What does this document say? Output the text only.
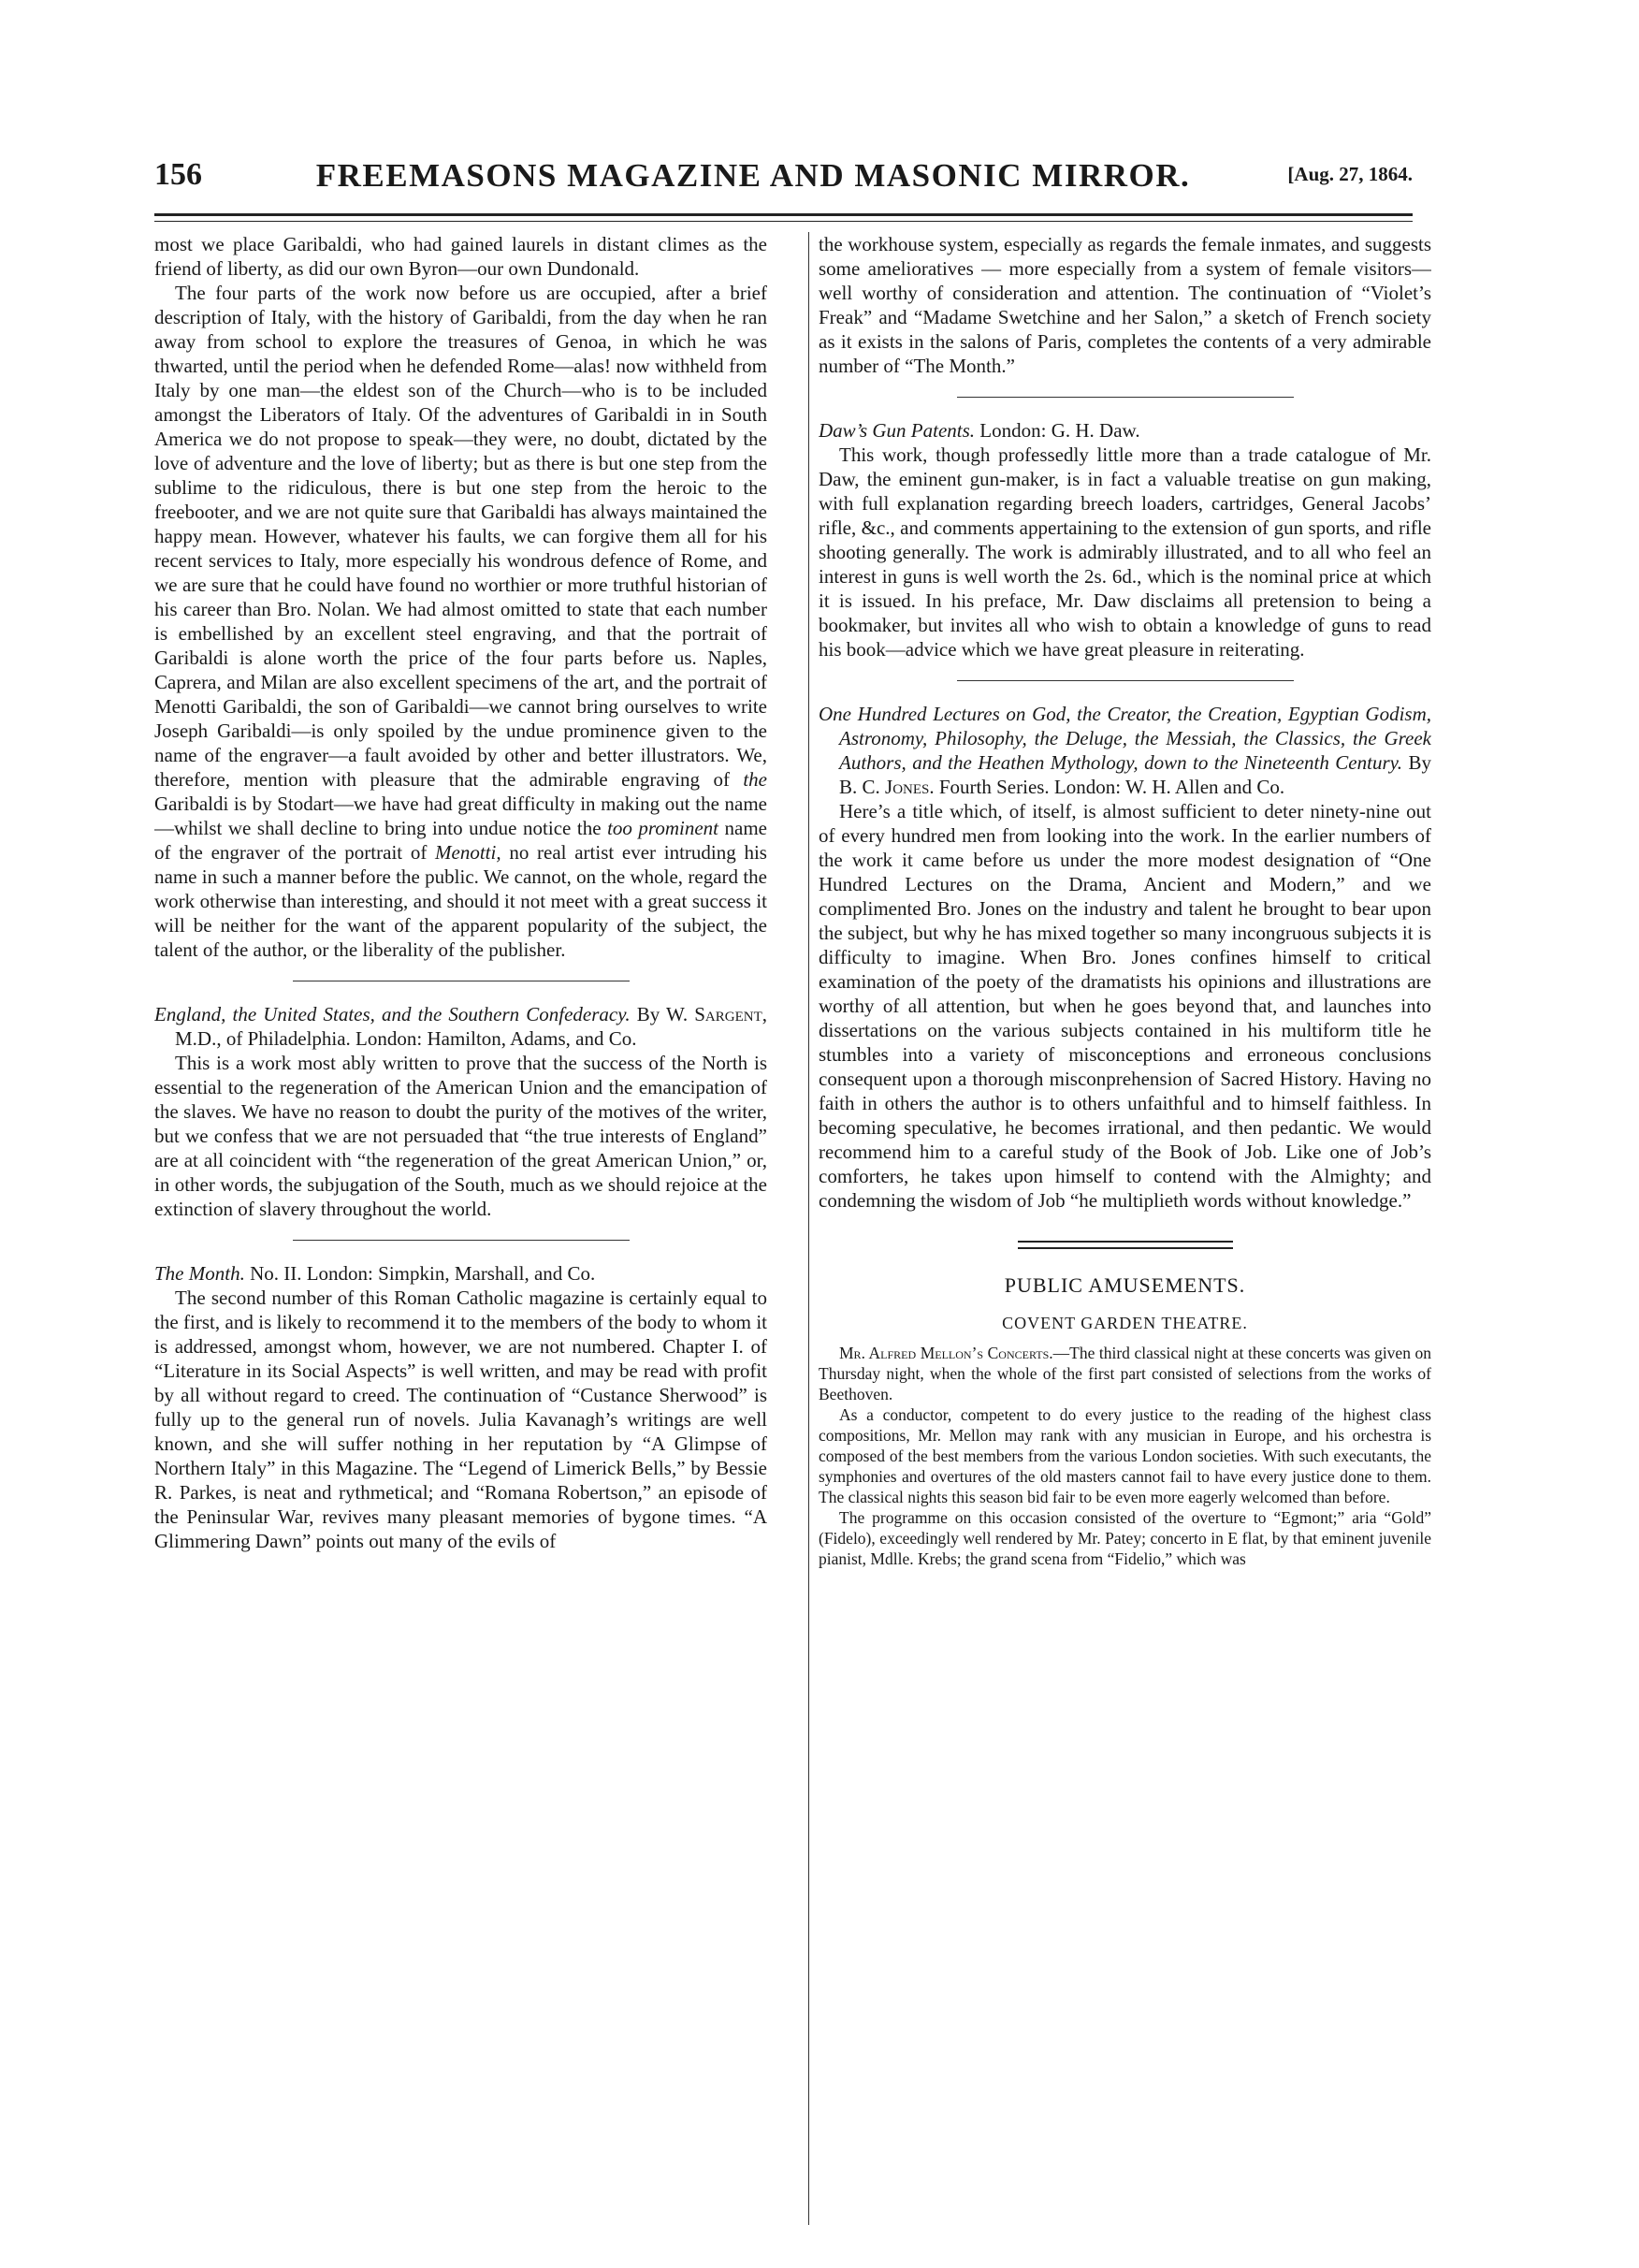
156	FREEMASONS MAGAZINE AND MASONIC MIRROR.	[Aug. 27, 1864.

most we place Garibaldi, who had gained laurels in distant climes as the friend of liberty, as did our own Byron—our own Dundonald.

The four parts of the work now before us are occupied, after a brief description of Italy, with the history of Garibaldi, from the day when he ran away from school to explore the treasures of Genoa, in which he was thwarted, until the period when he defended Rome—alas! now withheld from Italy by one man—the eldest son of the Church—who is to be included amongst the Liberators of Italy. Of the adventures of Garibaldi in in South America we do not propose to speak—they were, no doubt, dictated by the love of adventure and the love of liberty; but as there is but one step from the sublime to the ridiculous, there is but one step from the heroic to the freebooter, and we are not quite sure that Garibaldi has always maintained the happy mean. However, whatever his faults, we can forgive them all for his recent services to Italy, more especially his wondrous defence of Rome, and we are sure that he could have found no worthier or more truthful historian of his career than Bro. Nolan. We had almost omitted to state that each number is embellished by an excellent steel engraving, and that the portrait of Garibaldi is alone worth the price of the four parts before us. Naples, Caprera, and Milan are also excellent specimens of the art, and the portrait of Menotti Garibaldi, the son of Garibaldi—we cannot bring ourselves to write Joseph Garibaldi—is only spoiled by the undue prominence given to the name of the engraver—a fault avoided by other and better illustrators. We, therefore, mention with pleasure that the admirable engraving of the Garibaldi is by Stodart—we have had great difficulty in making out the name—whilst we shall decline to bring into undue notice the too prominent name of the engraver of the portrait of Menotti, no real artist ever intruding his name in such a manner before the public. We cannot, on the whole, regard the work otherwise than interesting, and should it not meet with a great success it will be neither for the want of the apparent popularity of the subject, the talent of the author, or the liberality of the publisher.

England, the United States, and the Southern Confederacy. By W. Sargent, M.D., of Philadelphia. London: Hamilton, Adams, and Co.

This is a work most ably written to prove that the success of the North is essential to the regeneration of the American Union and the emancipation of the slaves. We have no reason to doubt the purity of the motives of the writer, but we confess that we are not persuaded that “the true interests of England” are at all coincident with “the regeneration of the great American Union,” or, in other words, the subjugation of the South, much as we should rejoice at the extinction of slavery throughout the world.

The Month. No. II. London: Simpkin, Marshall, and Co.

The second number of this Roman Catholic magazine is certainly equal to the first, and is likely to recommend it to the members of the body to whom it is addressed, amongst whom, however, we are not numbered. Chapter I. of “Literature in its Social Aspects” is well written, and may be read with profit by all without regard to creed. The continuation of “Custance Sherwood” is fully up to the general run of novels. Julia Kavanagh’s writings are well known, and she will suffer nothing in her reputation by “A Glimpse of Northern Italy” in this Magazine. The “Legend of Limerick Bells,” by Bessie R. Parkes, is neat and rythmetical; and “Romana Robertson,” an episode of the Peninsular War, revives many pleasant memories of bygone times. “A Glimmering Dawn” points out many of the evils of

the workhouse system, especially as regards the female inmates, and suggests some amelioratives — more especially from a system of female visitors—well worthy of consideration and attention. The continuation of “Violet’s Freak” and “Madame Swetchine and her Salon,” a sketch of French society as it exists in the salons of Paris, completes the contents of a very admirable number of “The Month.”

Daw’s Gun Patents. London: G. H. Daw.

This work, though professedly little more than a trade catalogue of Mr. Daw, the eminent gun-maker, is in fact a valuable treatise on gun making, with full explanation regarding breech loaders, cartridges, General Jacobs’ rifle, &c., and comments appertaining to the extension of gun sports, and rifle shooting generally. The work is admirably illustrated, and to all who feel an interest in guns is well worth the 2s. 6d., which is the nominal price at which it is issued. In his preface, Mr. Daw disclaims all pretension to being a bookmaker, but invites all who wish to obtain a knowledge of guns to read his book—advice which we have great pleasure in reiterating.

One Hundred Lectures on God, the Creator, the Creation, Egyptian Godism, Astronomy, Philosophy, the Deluge, the Messiah, the Classics, the Greek Authors, and the Heathen Mythology, down to the Nineteenth Century. By B. C. Jones. Fourth Series. London: W. H. Allen and Co.

Here’s a title which, of itself, is almost sufficient to deter ninety-nine out of every hundred men from looking into the work. In the earlier numbers of the work it came before us under the more modest designation of “One Hundred Lectures on the Drama, Ancient and Modern,” and we complimented Bro. Jones on the industry and talent he brought to bear upon the subject, but why he has mixed together so many incongruous subjects it is difficulty to imagine. When Bro. Jones confines himself to critical examination of the poety of the dramatists his opinions and illustrations are worthy of all attention, but when he goes beyond that, and launches into dissertations on the various subjects contained in his multiform title he stumbles into a variety of misconceptions and erroneous conclusions consequent upon a thorough misconprehension of Sacred History. Having no faith in others the author is to others unfaithful and to himself faithless. In becoming speculative, he becomes irrational, and then pedantic. We would recommend him to a careful study of the Book of Job. Like one of Job’s comforters, he takes upon himself to contend with the Almighty; and condemning the wisdom of Job “he multiplieth words without knowledge.”

PUBLIC AMUSEMENTS.

COVENT GARDEN THEATRE.

Mr. Alfred Mellon’s Concerts.—The third classical night at these concerts was given on Thursday night, when the whole of the first part consisted of selections from the works of Beethoven.

As a conductor, competent to do every justice to the reading of the highest class compositions, Mr. Mellon may rank with any musician in Europe, and his orchestra is composed of the best members from the various London societies. With such executants, the symphonies and overtures of the old masters cannot fail to have every justice done to them. The classical nights this season bid fair to be even more eagerly welcomed than before.

The programme on this occasion consisted of the overture to “Egmont;” aria “Gold” (Fidelo), exceedingly well rendered by Mr. Patey; concerto in E flat, by that eminent juvenile pianist, Mdlle. Krebs; the grand scena from “Fidelio,” which was
